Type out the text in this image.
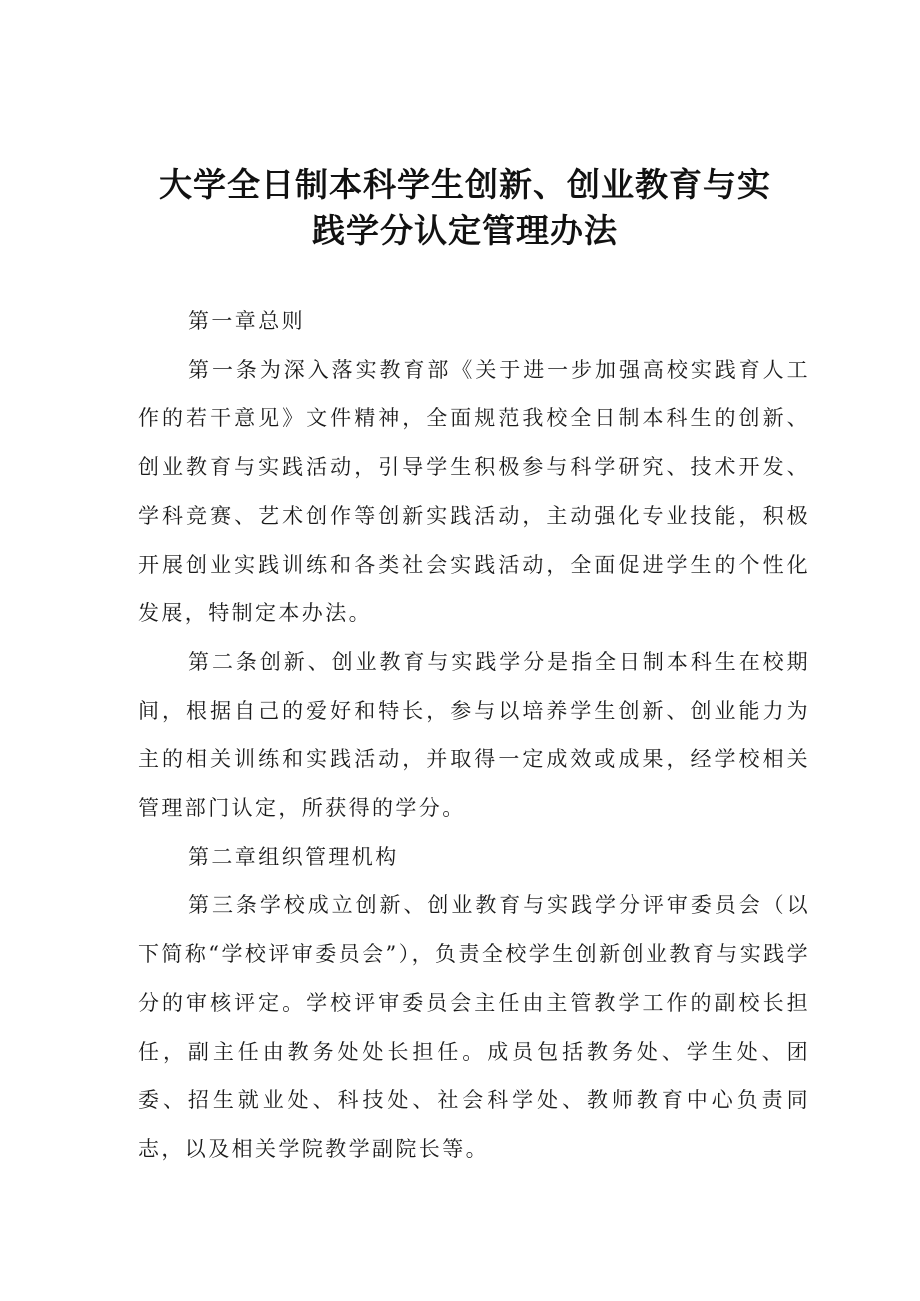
大学全日制本科学生创新、创业教育与实
践学分认定管理办法

第一章总则

第一条为深入落实教育部《关于进一步加强高校实践育人工作的若干意见》文件精神，全面规范我校全日制本科生的创新、创业教育与实践活动，引导学生积极参与科学研究、技术开发、学科竞赛、艺术创作等创新实践活动，主动强化专业技能，积极开展创业实践训练和各类社会实践活动，全面促进学生的个性化发展，特制定本办法。

第二条创新、创业教育与实践学分是指全日制本科生在校期间，根据自己的爱好和特长，参与以培养学生创新、创业能力为主的相关训练和实践活动，并取得一定成效或成果，经学校相关管理部门认定，所获得的学分。

第二章组织管理机构

第三条学校成立创新、创业教育与实践学分评审委员会（以下简称“学校评审委员会”），负责全校学生创新创业教育与实践学分的审核评定。学校评审委员会主任由主管教学工作的副校长担任，副主任由教务处处长担任。成员包括教务处、学生处、团委、招生就业处、科技处、社会科学处、教师教育中心负责同志，以及相关学院教学副院长等。
